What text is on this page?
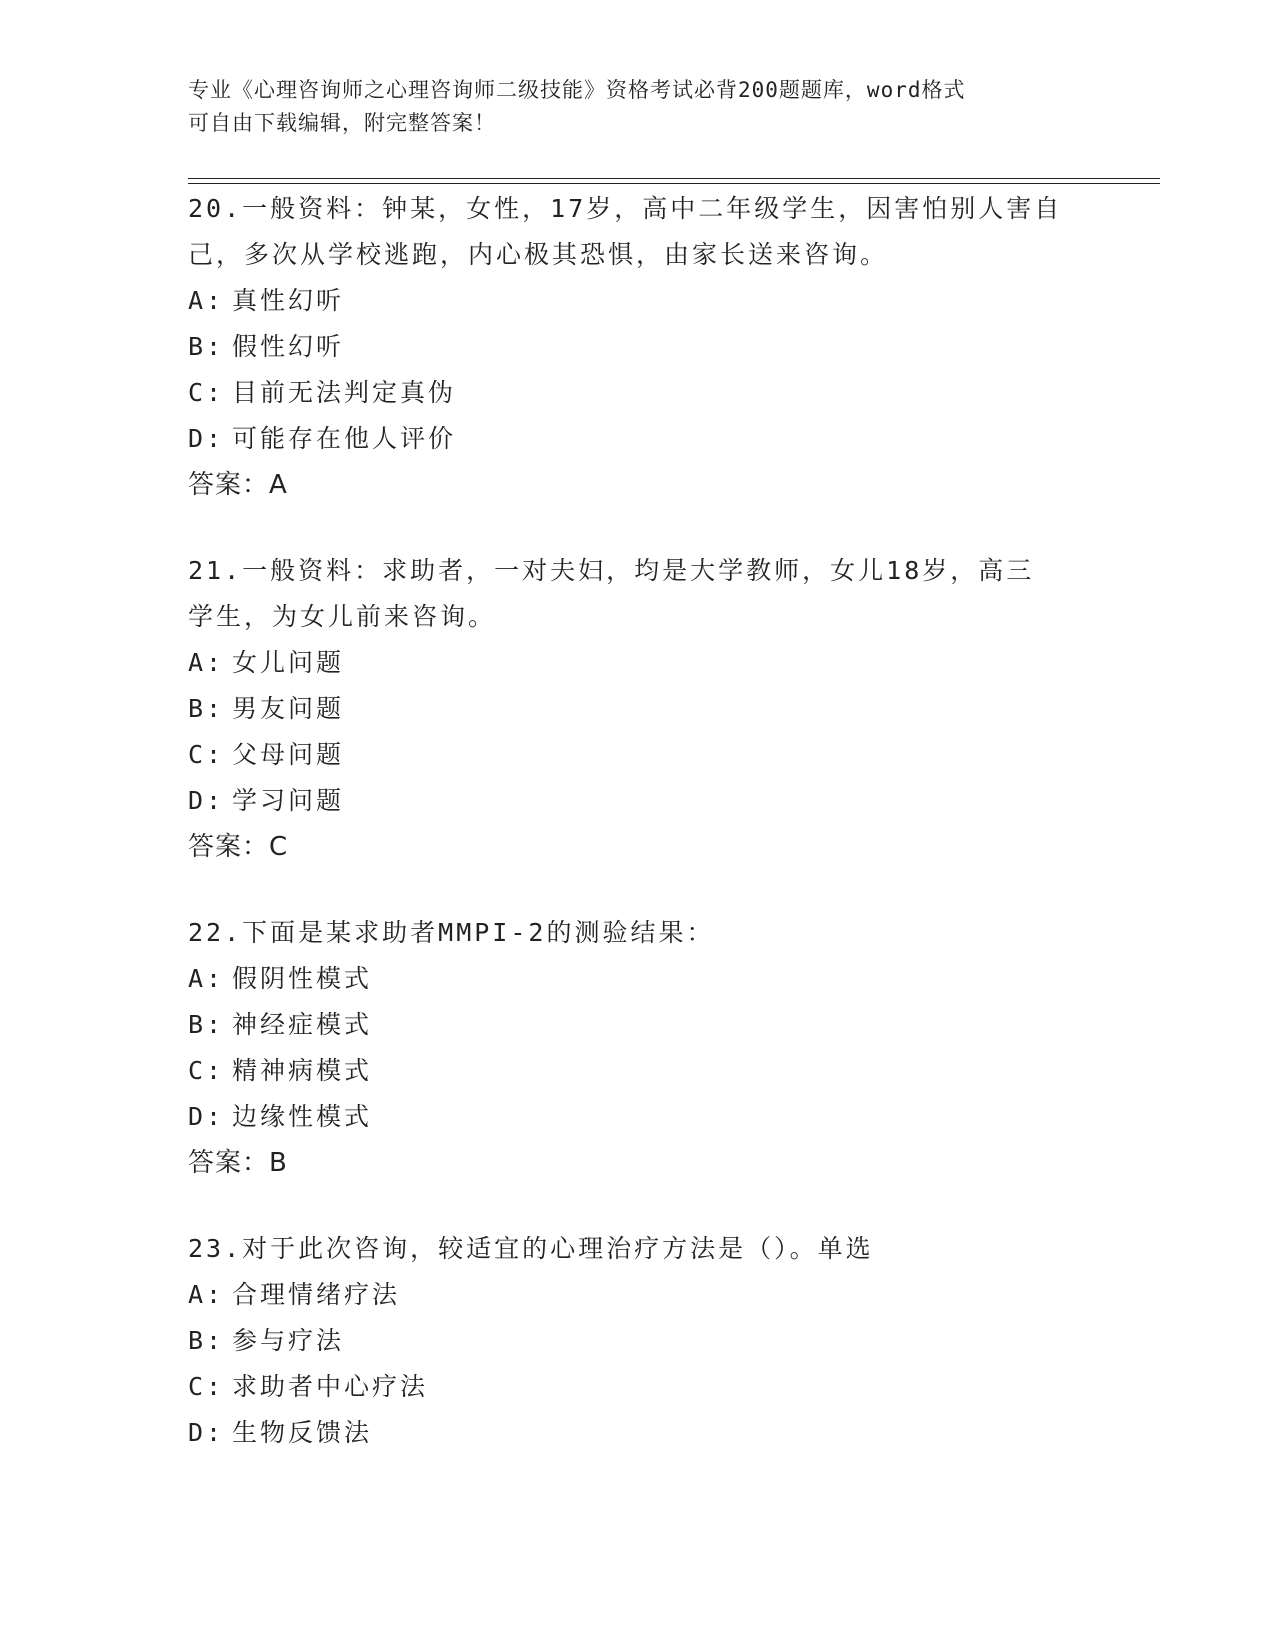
专业《心理咨询师之心理咨询师二级技能》资格考试必背200题题库，word格式
可自由下载编辑，附完整答案！
20.一般资料：钟某，女性，17岁，高中二年级学生，因害怕别人害自
己，多次从学校逃跑，内心极其恐惧，由家长送来咨询。
A: 真性幻听
B: 假性幻听
C: 目前无法判定真伪
D: 可能存在他人评价
答案：A
21.一般资料：求助者，一对夫妇，均是大学教师，女儿18岁，高三
学生，为女儿前来咨询。
A: 女儿问题
B: 男友问题
C: 父母问题
D: 学习问题
答案：C
22.下面是某求助者MMPI-2的测验结果：
A: 假阴性模式
B: 神经症模式
C: 精神病模式
D: 边缘性模式
答案：B
23.对于此次咨询，较适宜的心理治疗方法是（）。单选
A: 合理情绪疗法
B: 参与疗法
C: 求助者中心疗法
D: 生物反馈法
